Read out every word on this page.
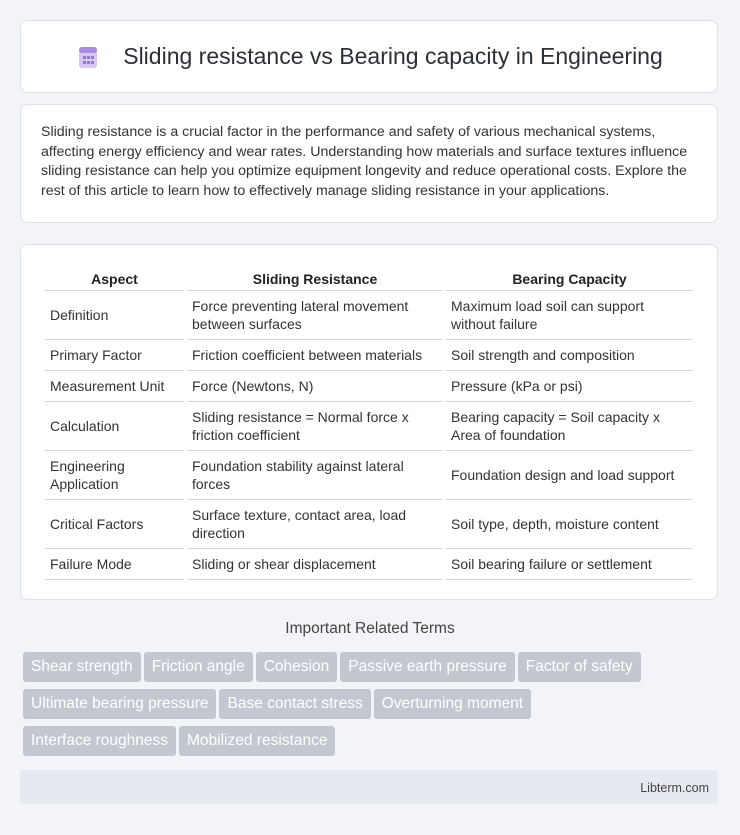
Sliding resistance vs Bearing capacity in Engineering

Sliding resistance is a crucial factor in the performance and safety of various mechanical systems, affecting energy efficiency and wear rates. Understanding how materials and surface textures influence sliding resistance can help you optimize equipment longevity and reduce operational costs. Explore the rest of this article to learn how to effectively manage sliding resistance in your applications.

Aspect	Sliding Resistance	Bearing Capacity
Definition	Force preventing lateral movement between surfaces	Maximum load soil can support without failure
Primary Factor	Friction coefficient between materials	Soil strength and composition
Measurement Unit	Force (Newtons, N)	Pressure (kPa or psi)
Calculation	Sliding resistance = Normal force x friction coefficient	Bearing capacity = Soil capacity x Area of foundation
Engineering Application	Foundation stability against lateral forces	Foundation design and load support
Critical Factors	Surface texture, contact area, load direction	Soil type, depth, moisture content
Failure Mode	Sliding or shear displacement	Soil bearing failure or settlement
Important Related Terms
Shear strength Friction angle Cohesion Passive earth pressure Factor of safety
Ultimate bearing pressure Base contact stress Overturning moment
Interface roughness Mobilized resistance
Libterm.com
